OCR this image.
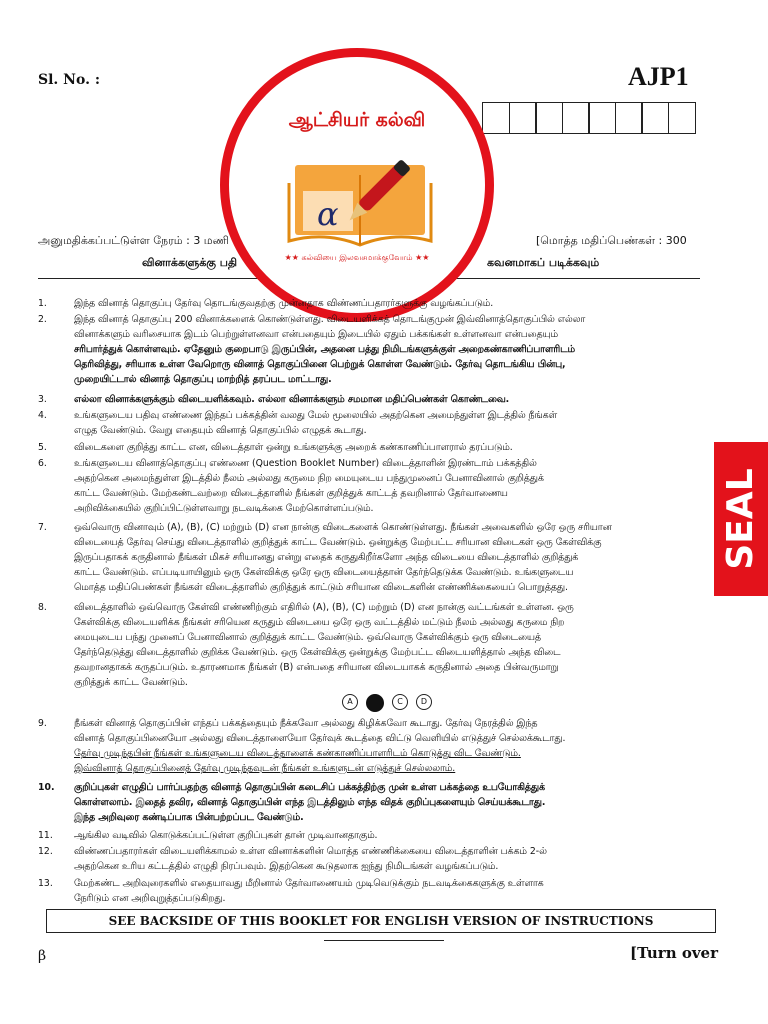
Sl. No. :	AJP1
அனுமதிக்கப்பட்டுள்ள நேரம் : 3 மணி	[மொத்த மதிப்பெண்கள் : 300
வினாக்களுக்கு பதி	கவனமாகப் படிக்கவும்
ஆட்சியர் கல்வி
α
★★ கல்வியை இலவசமாக்குவோம் ★★
1.	இந்த வினாத் தொகுப்பு தேர்வு தொடங்குவதற்கு முன்னதாக விண்ணப்பதாரர்களுக்கு வழங்கப்படும்.
2.	இந்த வினாத் தொகுப்பு 200 வினாக்களைக் கொண்டுள்ளது. விடையளிக்கத் தொடங்குமுன் இவ்வினாத்தொகுப்பில் எல்லா
வினாக்களும் வரிசையாக இடம் பெற்றுள்ளனவா என்பதையும் இடையில் ஏதும் பக்கங்கள் உள்ளனவா என்பதையும்
சரிபார்த்துக் கொள்ளவும். ஏதேனும் குறைபாடு இருப்பின், அதனை பத்து நிமிடங்களுக்குள் அறைகண்காணிப்பாளரிடம்
தெரிவித்து, சரியாக உள்ள வேறொரு வினாத் தொகுப்பினை பெற்றுக் கொள்ள வேண்டும். தேர்வு தொடங்கிய பின்பு,
முறையிட்டால் வினாத் தொகுப்பு மாற்றித் தரப்பட மாட்டாது.
3.	எல்லா வினாக்களுக்கும் விடையளிக்கவும். எல்லா வினாக்களும் சமமான மதிப்பெண்கள் கொண்டவை.
4.	உங்களுடைய பதிவு எண்ணை இந்தப் பக்கத்தின் வலது மேல் மூலையில் அதற்கென அமைந்துள்ள இடத்தில் நீங்கள்
எழுத வேண்டும். வேறு எதையும் வினாத் தொகுப்பில் எழுதக் கூடாது.
5.	விடைகளை குறித்து காட்ட என, விடைத்தாள் ஒன்று உங்களுக்கு அறைக் கண்காணிப்பாளரால் தரப்படும்.
6.	உங்களுடைய வினாத்தொகுப்பு எண்ணை (Question Booklet Number) விடைத்தாளின் இரண்டாம் பக்கத்தில்
அதற்கென அமைந்துள்ள இடத்தில் நீலம் அல்லது கருமை நிற மையுடைய பந்துமுனைப் பேனாவினால் குறித்துக்
காட்ட வேண்டும். மேற்கண்டவற்றை விடைத்தாளில் நீங்கள் குறித்துக் காட்டத் தவறினால் தேர்வாணைய
அறிவிக்கையில் குறிப்பிட்டுள்ளவாறு நடவடிக்கை மேற்கொள்ளப்படும்.
7.	ஒவ்வொரு வினாவும் (A), (B), (C) மற்றும் (D) என நான்கு விடைகளைக் கொண்டுள்ளது. நீங்கள் அவைகளில் ஒரே ஒரு சரியான
விடையைத் தேர்வு செய்து விடைத்தாளில் குறித்துக் காட்ட வேண்டும். ஒன்றுக்கு மேற்பட்ட சரியான விடைகள் ஒரு கேள்விக்கு
இருப்பதாகக் கருதினால் நீங்கள் மிகச் சரியானது என்று எதைக் கருதுகிறீர்களோ அந்த விடையை விடைத்தாளில் குறித்துக்
காட்ட வேண்டும். எப்படியாயினும் ஒரு கேள்விக்கு ஒரே ஒரு விடையைத்தான் தேர்ந்தெடுக்க வேண்டும். உங்களுடைய
மொத்த மதிப்பெண்கள் நீங்கள் விடைத்தாளில் குறித்துக் காட்டும் சரியான விடைகளின் எண்ணிக்கையைப் பொறுத்தது.
8.	விடைத்தாளில் ஒவ்வொரு கேள்வி எண்ணிற்கும் எதிரில் (A), (B), (C) மற்றும் (D) என நான்கு வட்டங்கள் உள்ளன. ஒரு
கேள்விக்கு விடையளிக்க நீங்கள் சரியென கருதும் விடையை ஒரே ஒரு வட்டத்தில் மட்டும் நீலம் அல்லது கருமை நிற
மையுடைய பந்து முனைப் பேனாவினால் குறித்துக் காட்ட வேண்டும். ஒவ்வொரு கேள்விக்கும் ஒரு விடையைத்
தேர்ந்தெடுத்து விடைத்தாளில் குறிக்க வேண்டும். ஒரு கேள்விக்கு ஒன்றுக்கு மேற்பட்ட விடையளித்தால் அந்த விடை
தவறானதாகக் கருதப்படும். உதாரணமாக நீங்கள் (B) என்பதை சரியான விடையாகக் கருதினால் அதை பின்வருமாறு
குறித்துக் காட்ட வேண்டும்.
9.	நீங்கள் வினாத் தொகுப்பின் எந்தப் பக்கத்தையும் நீக்கவோ அல்லது கிழிக்கவோ கூடாது. தேர்வு நேரத்தில் இந்த
வினாத் தொகுப்பினையோ அல்லது விடைத்தாளையோ தேர்வுக் கூடத்தை விட்டு வெளியில் எடுத்துச் செல்லக்கூடாது.
தேர்வு முடிந்தபின் நீங்கள் உங்களுடைய விடைத்தாளைக் கண்காணிப்பாளரிடம் கொடுத்து விட வேண்டும்.
இவ்வினாத் தொகுப்பினைத் தேர்வு முடிந்தவுடன் நீங்கள் உங்களுடன் எடுத்துச் செல்லலாம்.
10. குறிப்புகள் எழுதிப் பார்ப்பதற்கு வினாத் தொகுப்பின் கடைசிப் பக்கத்திற்கு முன் உள்ள பக்கத்தை உபயோகித்துக்
கொள்ளலாம். இதைத் தவிர, வினாத் தொகுப்பின் எந்த இடத்திலும் எந்த விதக் குறிப்புகளையும் செய்யக்கூடாது.
இந்த அறிவுரை கண்டிப்பாக பின்பற்றப்பட வேண்டும்.
11. ஆங்கில வடிவில் கொடுக்கப்பட்டுள்ள குறிப்புகள் தான் முடிவானதாகும்.
12. விண்ணப்பதாரர்கள் விடையளிக்காமல் உள்ள வினாக்களின் மொத்த எண்ணிக்கையை விடைத்தாளின் பக்கம் 2-ல்
அதற்கென உரிய கட்டத்தில் எழுதி நிரப்பவும். இதற்கென கூடுதலாக ஐந்து நிமிடங்கள் வழங்கப்படும்.
13. மேற்கண்ட அறிவுரைகளில் எதையாவது மீறினால் தேர்வாணையம் முடிவெடுக்கும் நடவடிக்கைகளுக்கு உள்ளாக
நேரிடும் என அறிவுறுத்தப்படுகிறது.
A	C	D
SEAL
SEE BACKSIDE OF THIS BOOKLET FOR ENGLISH VERSION OF INSTRUCTIONS
β	[Turn over
